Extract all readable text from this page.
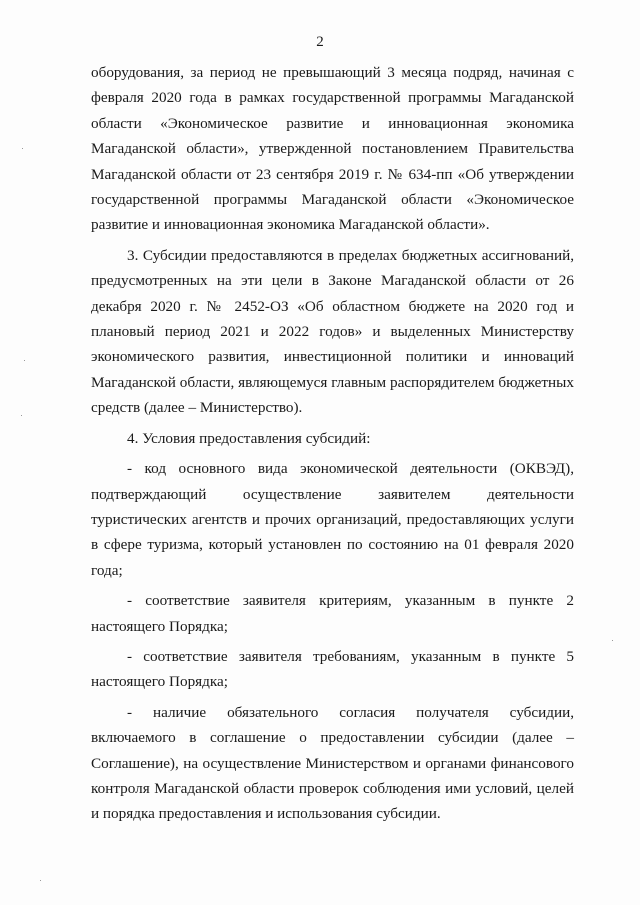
2

оборудования, за период не превышающий 3 месяца подряд, начиная с февраля 2020 года в рамках государственной программы Магаданской области «Экономическое развитие и инновационная экономика Магаданской области», утвержденной постановлением Правительства Магаданской области от 23 сентября 2019 г. № 634-пп «Об утверждении государственной программы Магаданской области «Экономическое развитие и инновационная экономика Магаданской области».

3. Субсидии предоставляются в пределах бюджетных ассигнований, предусмотренных на эти цели в Законе Магаданской области от 26 декабря 2020 г. № 2452-ОЗ «Об областном бюджете на 2020 год и плановый период 2021 и 2022 годов» и выделенных Министерству экономического развития, инвестиционной политики и инноваций Магаданской области, являющемуся главным распорядителем бюджетных средств (далее – Министерство).

4. Условия предоставления субсидий:

- код основного вида экономической деятельности (ОКВЭД), подтверждающий осуществление заявителем деятельности туристических агентств и прочих организаций, предоставляющих услуги в сфере туризма, который установлен по состоянию на 01 февраля 2020 года;

- соответствие заявителя критериям, указанным в пункте 2 настоящего Порядка;

- соответствие заявителя требованиям, указанным в пункте 5 настоящего Порядка;

- наличие обязательного согласия получателя субсидии, включаемого в соглашение о предоставлении субсидии (далее – Соглашение), на осуществление Министерством и органами финансового контроля Магаданской области проверок соблюдения ими условий, целей и порядка предоставления и использования субсидии.
